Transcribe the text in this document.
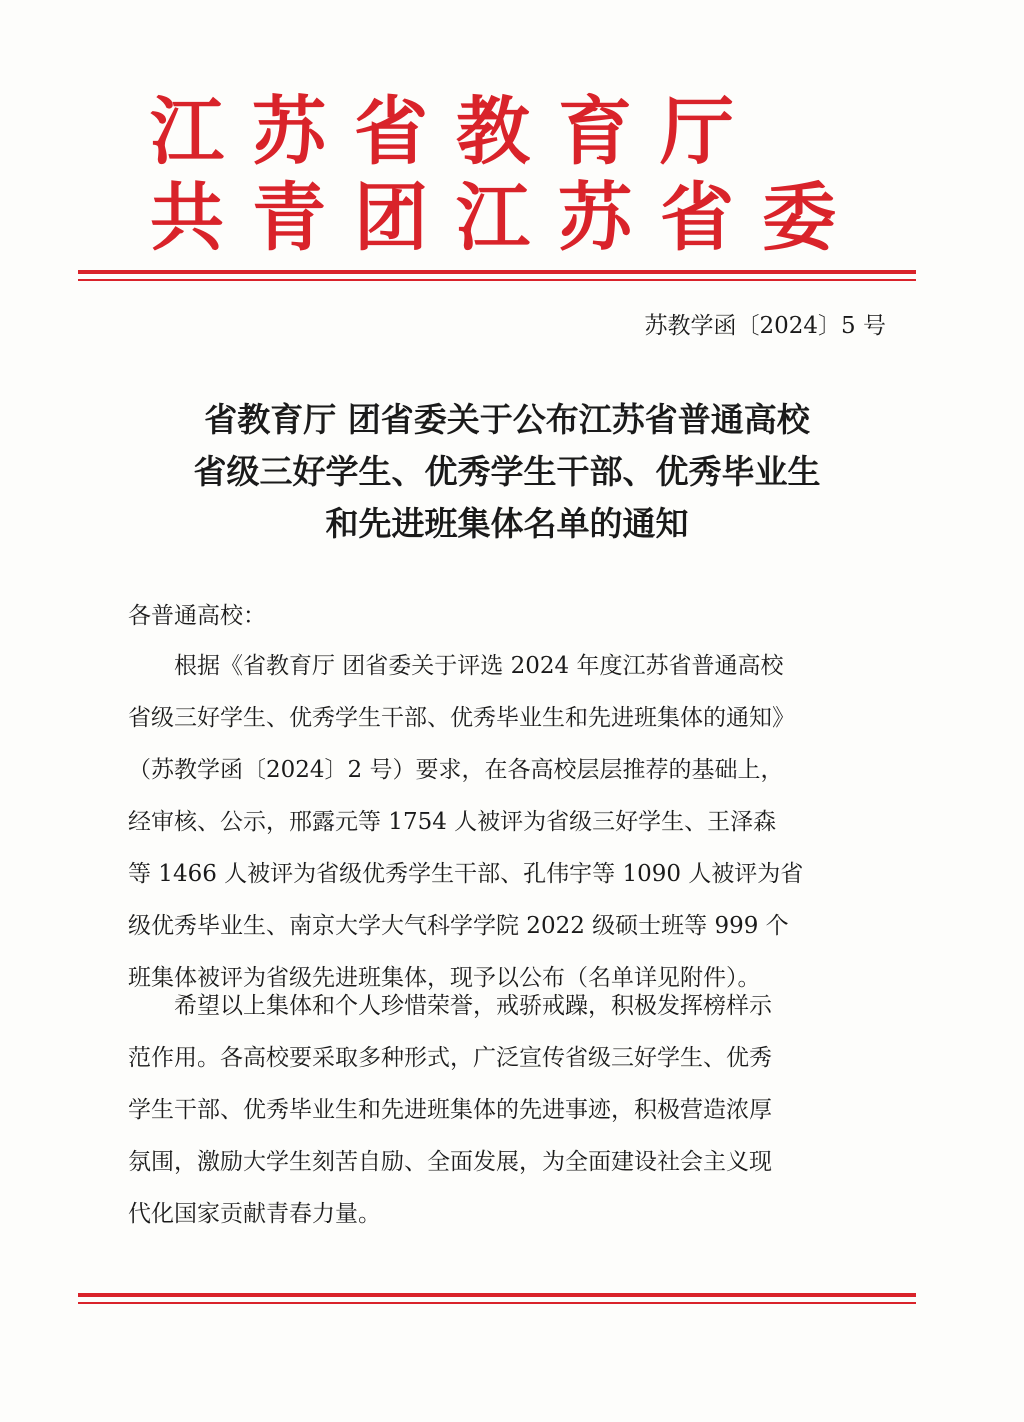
江苏省教育厅
共青团江苏省委
苏教学函〔2024〕5 号
省教育厅 团省委关于公布江苏省普通高校
省级三好学生、优秀学生干部、优秀毕业生
和先进班集体名单的通知
各普通高校：
根据《省教育厅 团省委关于评选 2024 年度江苏省普通高校
省级三好学生、优秀学生干部、优秀毕业生和先进班集体的通知》
（苏教学函〔2024〕2 号）要求，在各高校层层推荐的基础上，
经审核、公示，邢露元等 1754 人被评为省级三好学生、王泽森
等 1466 人被评为省级优秀学生干部、孔伟宇等 1090 人被评为省
级优秀毕业生、南京大学大气科学学院 2022 级硕士班等 999 个
班集体被评为省级先进班集体，现予以公布（名单详见附件）。
希望以上集体和个人珍惜荣誉，戒骄戒躁，积极发挥榜样示
范作用。各高校要采取多种形式，广泛宣传省级三好学生、优秀
学生干部、优秀毕业生和先进班集体的先进事迹，积极营造浓厚
氛围，激励大学生刻苦自励、全面发展，为全面建设社会主义现
代化国家贡献青春力量。
